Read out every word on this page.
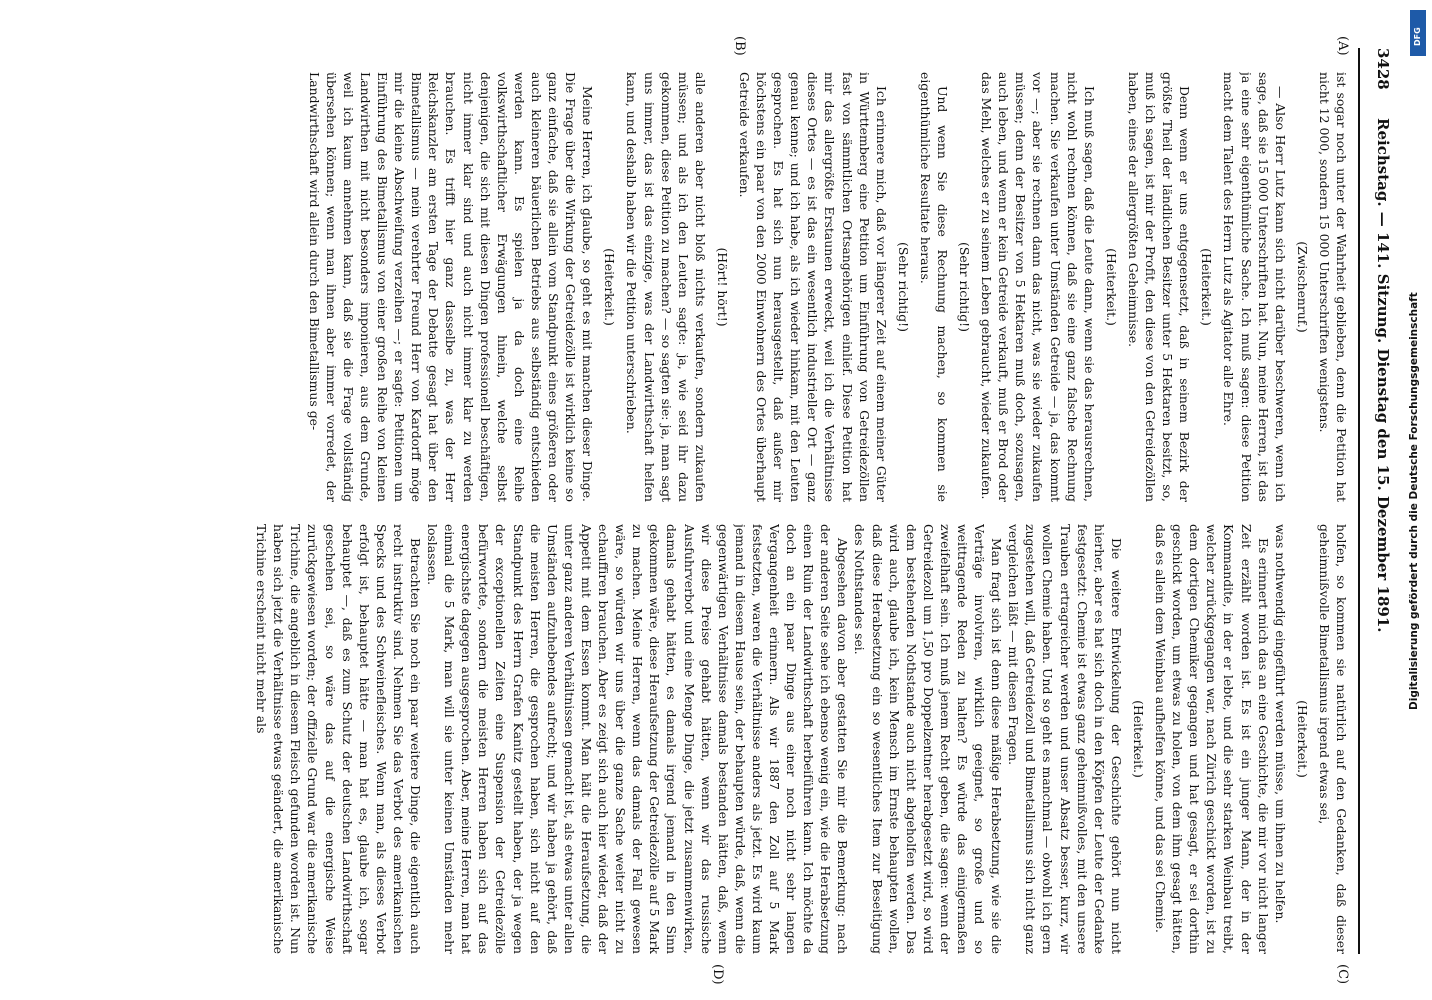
3428
Reichstag. — 141. Sitzung. Dienstag den 15. Dezember 1891.
(A)
(B)
(C)
(D)

ist sogar noch unter der Wahrheit geblieben, denn die Petition hat nicht 12 000, sondern 15 000 Unterschriften wenigstens.

(Zwischenruf.)

— Also Herr Lutz kann sich nicht darüber beschweren, wenn ich sage, daß sie 15 000 Unterschriften hat. Nun, meine Herren, ist das ja eine sehr eigenthümliche Sache. Ich muß sagen: diese Petition macht dem Talent des Herrn Lutz als Agitator alle Ehre.

(Heiterkeit.)

Denn wenn er uns entgegensetzt, daß in seinem Bezirk der größte Theil der ländlichen Besitzer unter 5 Hektaren besitzt, so, muß ich sagen, ist mir der Profit, den diese von den Getreidezöllen haben, eines der allergrößten Geheimnisse.

(Heiterkeit.)

Ich muß sagen, daß die Leute dann, wenn sie das herausrechnen, nicht wohl rechnen können, daß sie eine ganz falsche Rechnung machen. Sie verkaufen unter Umständen Getreide — ja, das kommt vor —; aber sie rechnen dann das nicht, was sie wieder zukaufen müssen; denn der Besitzer von 5 Hektaren muß doch, sozusagen, auch leben, und wenn er kein Getreide verkauft, muß er Brod oder das Mehl, welches er zu seinem Leben gebraucht, wieder zukaufen.

(Sehr richtig!)

Und wenn Sie diese Rechnung machen, so kommen sie eigenthümliche Resultate heraus.

(Sehr richtig!)

Ich erinnere mich, daß vor längerer Zeit auf einem meiner Güter in Württemberg eine Petition um Einführung von Getreidezöllen fast von sämmtlichen Ortsangehörigen einlief. Diese Petition hat mir das allergrößte Erstaunen erweckt, weil ich die Verhältnisse dieses Ortes — es ist das ein wesentlich industrieller Ort — ganz genau kenne; und ich habe, als ich wieder hinkam, mit den Leuten gesprochen. Es hat sich nun herausgestellt, daß außer mir höchstens ein paar von den 2000 Einwohnern des Ortes überhaupt Getreide verkaufen.

(Hört! hört!)

alle anderen aber nicht bloß nichts verkaufen, sondern zukaufen müssen; und als ich den Leuten sagte: ja, wie seid ihr dazu gekommen, diese Petition zu machen? — so sagten sie: ja, man sagt uns immer, das ist das einzige, was der Landwirthschaft helfen kann, und deshalb haben wir die Petition unterschrieben.

(Heiterkeit.)

Meine Herren, ich glaube, so geht es mit manchen dieser Dinge. Die Frage über die Wirkung der Getreidezölle ist wirklich keine so ganz einfache, daß sie allein vom Standpunkt eines größeren oder auch kleineren bäuerlichen Betriebs aus selbständig entschieden werden kann. Es spielen ja da doch eine Reihe volkswirthschaftlicher Erwägungen hinein, welche selbst denjenigen, die sich mit diesen Dingen professionell beschäftigen, nicht immer klar sind und auch nicht immer klar zu werden brauchen. Es trifft hier ganz dasselbe zu, was der Herr Reichskanzler am ersten Tage der Debatte gesagt hat über den Bimetallismus — mein verehrter Freund Herr von Kardorff möge mir die kleine Abschweifung verzeihen —; er sagte: Petitionen um Einführung des Bimetallismus von einer großen Reihe von kleinen Landwirthen mit nicht besonders imponieren, aus dem Grunde, weil ich kaum annehmen kann, daß sie die Frage vollständig übersehen können; wenn man ihnen aber immer vorredet, der Landwirthschaft wird allein durch den Bimetallismus ge-

holfen, so kommen sie natürlich auf den Gedanken, daß dieser geheimnißvolle Bimetallismus irgend etwas sei,

(Heiterkeit.)

was nothwendig eingeführt werden müsse, um ihnen zu helfen.

Es erinnert mich das an eine Geschichte, die mir vor nicht langer Zeit erzählt worden ist. Es ist ein junger Mann, der in der Kommandite, in der er lebte, und die sehr starken Weinbau treibt, welcher zurückgegangen war, nach Zürich geschickt worden, ist zu dem dortigen Chemiker gegangen und hat gesagt, er sei dorthin geschickt worden, um etwas zu holen, von dem ihm gesagt hätten, daß es allein dem Weinbau aufhelfen könne, und das sei Chemie.

(Heiterkeit.)

Die weitere Entwickelung der Geschichte gehört nun nicht hierher, aber es hat sich doch in den Köpfen der Leute der Gedanke festgesetzt: Chemie ist etwas ganz geheimnißvolles, mit den unsere Trauben ertragreicher werden und unser Absatz besser, kurz, wir wollen Chemie haben. Und so geht es manchmal — obwohl ich gern zugestehen will, daß Getreidezoll und Bimetallismus sich nicht ganz vergleichen läßt — mit diesen Fragen.

Man fragt sich ist denn diese mäßige Herabsetzung, wie sie die Verträge involviren, wirklich geeignet, so große und so weittragende Reden zu halten? Es würde das einigermaßen zweifelhaft sein. Ich muß jenem Recht geben, die sagen: wenn der Getreidezoll um 1,50 pro Doppelzentner herabgesetzt wird, so wird dem bestehenden Nothstande auch nicht abgeholfen werden. Das wird auch, glaube ich, kein Mensch im Ernste behaupten wollen, daß diese Herabsetzung ein so wesentliches Item zur Beseitigung des Nothstandes sei.

Abgesehen davon aber gestatten Sie mir die Bemerkung: nach der anderen Seite sehe ich ebenso wenig ein, wie die Herabsetzung einen Ruin der Landwirthschaft herbeiführen kann. Ich möchte da doch an ein paar Dinge aus einer noch nicht sehr langen Vergangenheit erinnern. Als wir 1887 den Zoll auf 5 Mark festsetzten, waren die Verhältnisse anders als jetzt. Es wird kaum jemand in diesem Hause sein, der behaupten würde, daß, wenn die gegenwärtigen Verhältnisse damals bestanden hätten, daß, wenn wir diese Preise gehabt hätten, wenn wir das russische Ausfuhrverbot und eine Menge Dinge, die jetzt zusammenwirken, damals gehabt hätten, es damals irgend jemand in den Sinn gekommen wäre, diese Heraufsetzung der Getreidezölle auf 5 Mark zu machen. Meine Herren, wenn das damals der Fall gewesen wäre, so würden wir uns über die ganze Sache weiter nicht zu echauffiren brauchen. Aber es zeigt sich auch hier wieder, daß der Appetit mit dem Essen kommt. Man hält die Heraufsetzung, die unter ganz anderen Verhältnissen gemacht ist, als etwas unter allen Umständen aufzuhebendes aufrecht; und wir haben ja gehört, daß die meisten Herren, die gesprochen haben, sich nicht auf den Standpunkt des Herrn Grafen Kanitz gestellt haben, der ja wegen der exceptionellen Zeiten eine Suspension der Getreidezölle befürwortete, sondern die meisten Herren haben sich auf das energischste dagegen ausgesprochen. Aber, meine Herren, man hat einmal die 5 Mark, man will sie unter keinen Umständen mehr loslassen.

Betrachten Sie noch ein paar weitere Dinge, die eigentlich auch recht instruktiv sind. Nehmen Sie das Verbot des amerikanischen Specks und des Schweinefleisches. Wenn man, als dieses Verbot erfolgt ist, behauptet hätte — man hat es, glaube ich, sogar behauptet —, daß es zum Schutz der deutschen Landwirthschaft geschehen sei, so wäre das auf die energische Weise zurückgewiesen worden; der offizielle Grund war die amerikanische Trichine, die angeblich in diesem Fleisch gefunden worden ist. Nun haben sich jetzt die Verhältnisse etwas geändert, die amerikanische Trichine erscheint nicht mehr als

DFG
Digitalisierung gefördert durch die Deutsche Forschungsgemeinschaft
